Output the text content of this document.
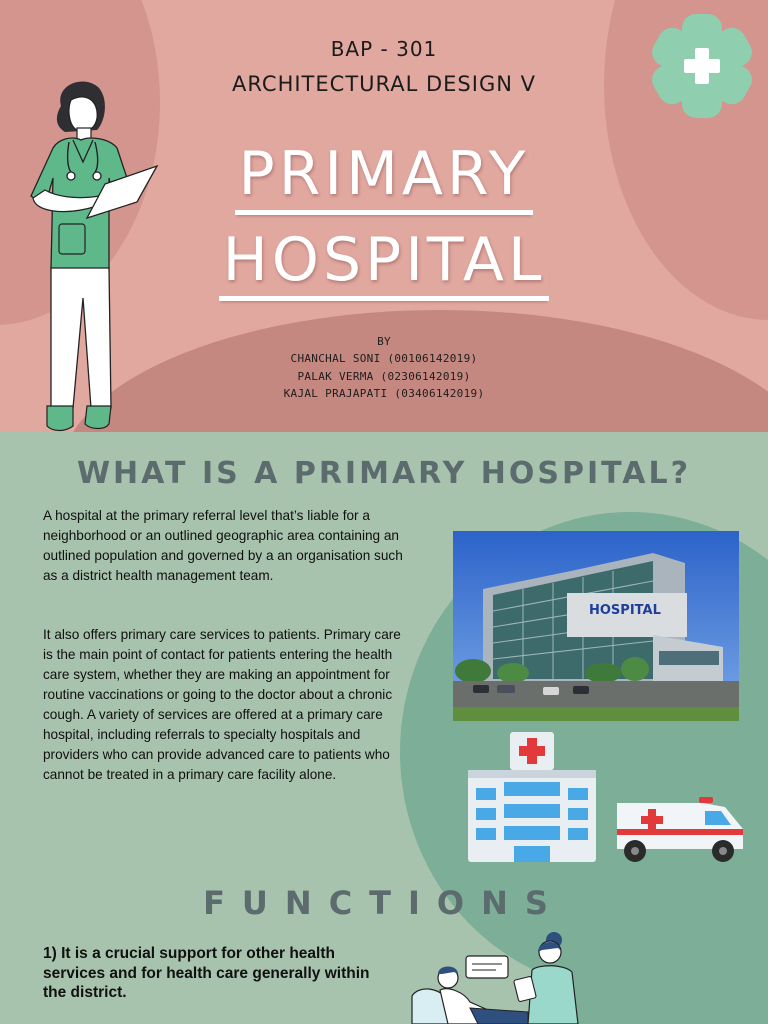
BAP - 301
ARCHITECTURAL DESIGN V
PRIMARY
HOSPITAL
BY
CHANCHAL SONI (00106142019)
PALAK VERMA (02306142019)
KAJAL PRAJAPATI (03406142019)
WHAT IS A PRIMARY HOSPITAL?
A hospital at the primary referral level that’s liable for a neighborhood or an outlined geographic area containing an outlined population and governed by a an organisation such as a district health management team.
It also offers primary care services to patients. Primary care is the main point of contact for patients entering the health care system, whether they are making an appointment for routine vaccinations or going to the doctor about a chronic cough. A variety of services are offered at a primary care hospital, including referrals to specialty hospitals and providers who can provide advanced care to patients who cannot be treated in a primary care facility alone.
HOSPITAL
FUNCTIONS
1) It is a crucial support for other health services and for health care generally within the district.
